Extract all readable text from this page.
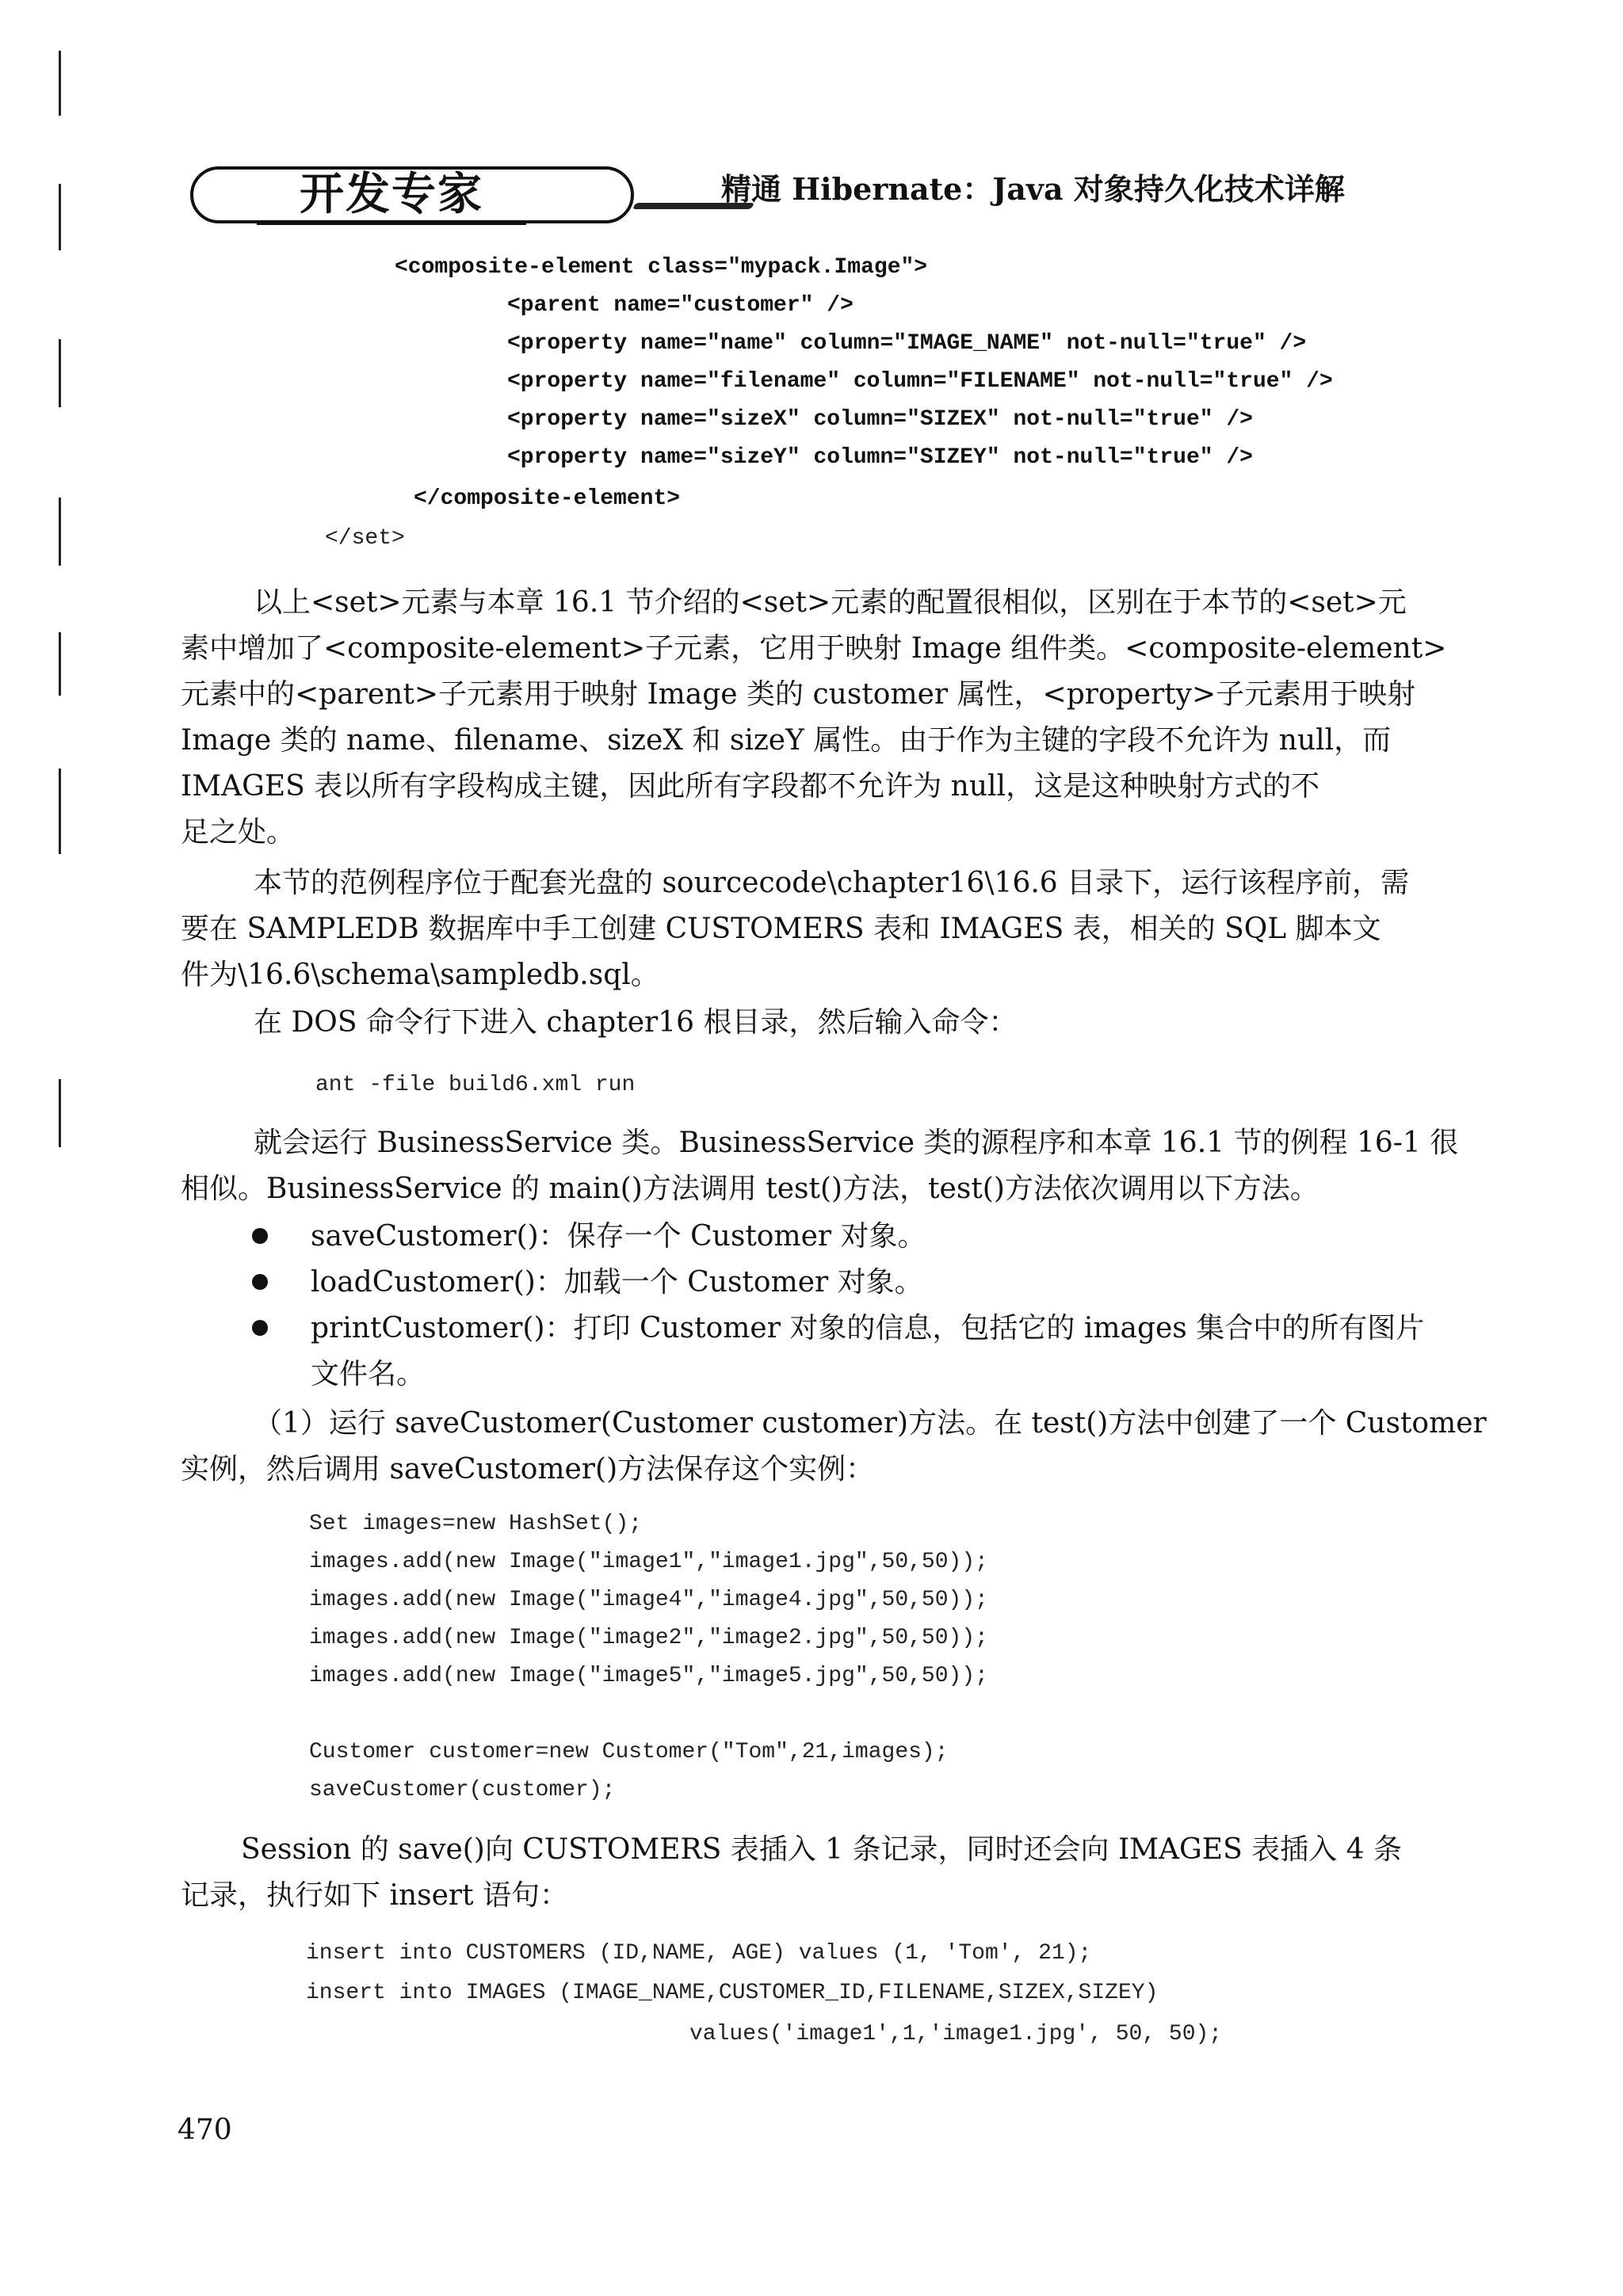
开发专家	精通 Hibernate：Java 对象持久化技术详解
<composite-element class="mypack.Image">
<parent name="customer" />
<property name="name" column="IMAGE_NAME" not-null="true" />
<property name="filename" column="FILENAME" not-null="true" />
<property name="sizeX" column="SIZEX" not-null="true" />
<property name="sizeY" column="SIZEY" not-null="true" />
</composite-element>
</set>
以上<set>元素与本章 16.1 节介绍的<set>元素的配置很相似，区别在于本节的<set>元
素中增加了<composite-element>子元素，它用于映射 Image 组件类。<composite-element>
元素中的<parent>子元素用于映射 Image 类的 customer 属性，<property>子元素用于映射
Image 类的 name、filename、sizeX 和 sizeY 属性。由于作为主键的字段不允许为 null，而
IMAGES 表以所有字段构成主键，因此所有字段都不允许为 null，这是这种映射方式的不
足之处。
本节的范例程序位于配套光盘的 sourcecode\chapter16\16.6 目录下，运行该程序前，需
要在 SAMPLEDB 数据库中手工创建 CUSTOMERS 表和 IMAGES 表，相关的 SQL 脚本文
件为\16.6\schema\sampledb.sql。
在 DOS 命令行下进入 chapter16 根目录，然后输入命令：
ant -file build6.xml run
就会运行 BusinessService 类。BusinessService 类的源程序和本章 16.1 节的例程 16-1 很
相似。BusinessService 的 main()方法调用 test()方法，test()方法依次调用以下方法。
saveCustomer()：保存一个 Customer 对象。
loadCustomer()：加载一个 Customer 对象。
printCustomer()：打印 Customer 对象的信息，包括它的 images 集合中的所有图片
文件名。
（1）运行 saveCustomer(Customer customer)方法。在 test()方法中创建了一个 Customer
实例，然后调用 saveCustomer()方法保存这个实例：
Set images=new HashSet();
images.add(new Image("image1","image1.jpg",50,50));
images.add(new Image("image4","image4.jpg",50,50));
images.add(new Image("image2","image2.jpg",50,50));
images.add(new Image("image5","image5.jpg",50,50));
Customer customer=new Customer("Tom",21,images);
saveCustomer(customer);
Session 的 save()向 CUSTOMERS 表插入 1 条记录，同时还会向 IMAGES 表插入 4 条
记录，执行如下 insert 语句：
insert into CUSTOMERS (ID,NAME, AGE) values (1, 'Tom', 21);
insert into IMAGES (IMAGE_NAME,CUSTOMER_ID,FILENAME,SIZEX,SIZEY)
values('image1',1,'image1.jpg', 50, 50);
470
